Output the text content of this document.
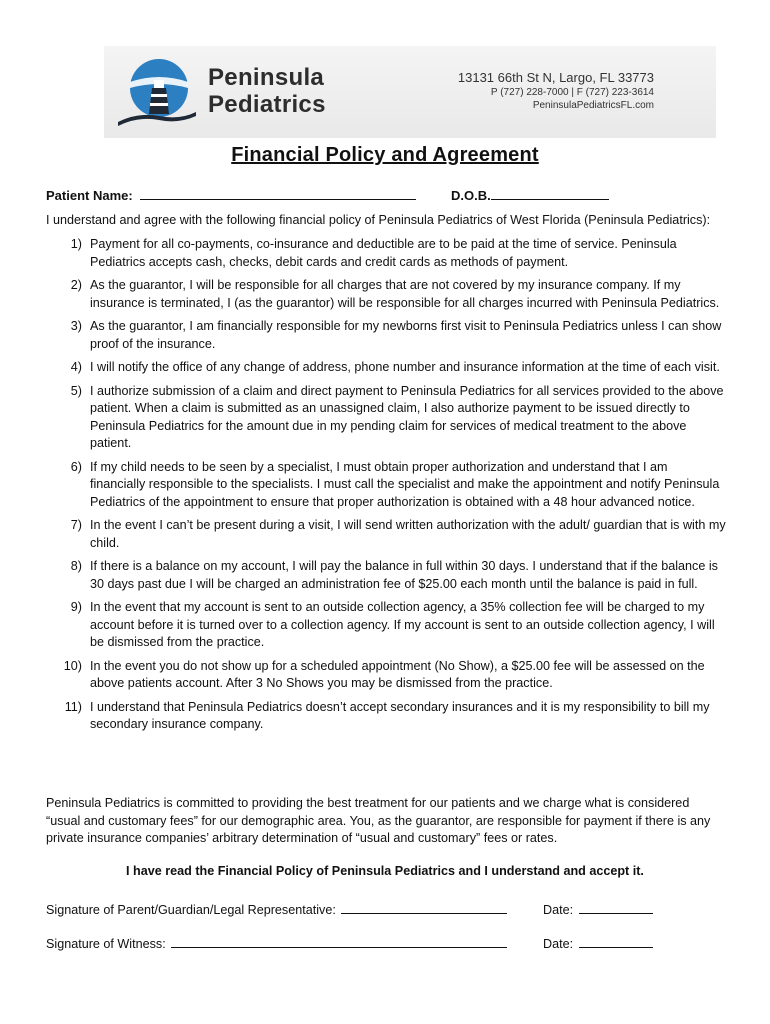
Peninsula
Pediatrics
13131 66th St N, Largo, FL 33773
P (727) 228-7000 | F (727) 223-3614
PeninsulaPediatricsFL.com
Financial Policy and Agreement
Patient Name:	D.O.B.
I understand and agree with the following financial policy of Peninsula Pediatrics of West Florida (Peninsula Pediatrics):
1) Payment for all co-payments, co-insurance and deductible are to be paid at the time of service. Peninsula Pediatrics accepts cash, checks, debit cards and credit cards as methods of payment.
2) As the guarantor, I will be responsible for all charges that are not covered by my insurance company. If my insurance is terminated, I (as the guarantor) will be responsible for all charges incurred with Peninsula Pediatrics.
3) As the guarantor, I am financially responsible for my newborns first visit to Peninsula Pediatrics unless I can show proof of the insurance.
4) I will notify the office of any change of address, phone number and insurance information at the time of each visit.
5) I authorize submission of a claim and direct payment to Peninsula Pediatrics for all services provided to the above patient. When a claim is submitted as an unassigned claim, I also authorize payment to be issued directly to Peninsula Pediatrics for the amount due in my pending claim for services of medical treatment to the above patient.
6) If my child needs to be seen by a specialist, I must obtain proper authorization and understand that I am financially responsible to the specialists. I must call the specialist and make the appointment and notify Peninsula Pediatrics of the appointment to ensure that proper authorization is obtained with a 48 hour advanced notice.
7) In the event I can’t be present during a visit, I will send written authorization with the adult/ guardian that is with my child.
8) If there is a balance on my account, I will pay the balance in full within 30 days. I understand that if the balance is 30 days past due I will be charged an administration fee of $25.00 each month until the balance is paid in full.
9) In the event that my account is sent to an outside collection agency, a 35% collection fee will be charged to my account before it is turned over to a collection agency. If my account is sent to an outside collection agency, I will be dismissed from the practice.
10) In the event you do not show up for a scheduled appointment (No Show), a $25.00 fee will be assessed on the above patients account. After 3 No Shows you may be dismissed from the practice.
11) I understand that Peninsula Pediatrics doesn’t accept secondary insurances and it is my responsibility to bill my secondary insurance company.
Peninsula Pediatrics is committed to providing the best treatment for our patients and we charge what is considered “usual and customary fees” for our demographic area. You, as the guarantor, are responsible for payment if there is any private insurance companies’ arbitrary determination of “usual and customary” fees or rates.
I have read the Financial Policy of Peninsula Pediatrics and I understand and accept it.
Signature of Parent/Guardian/Legal Representative:	Date:
Signature of Witness:	Date:
